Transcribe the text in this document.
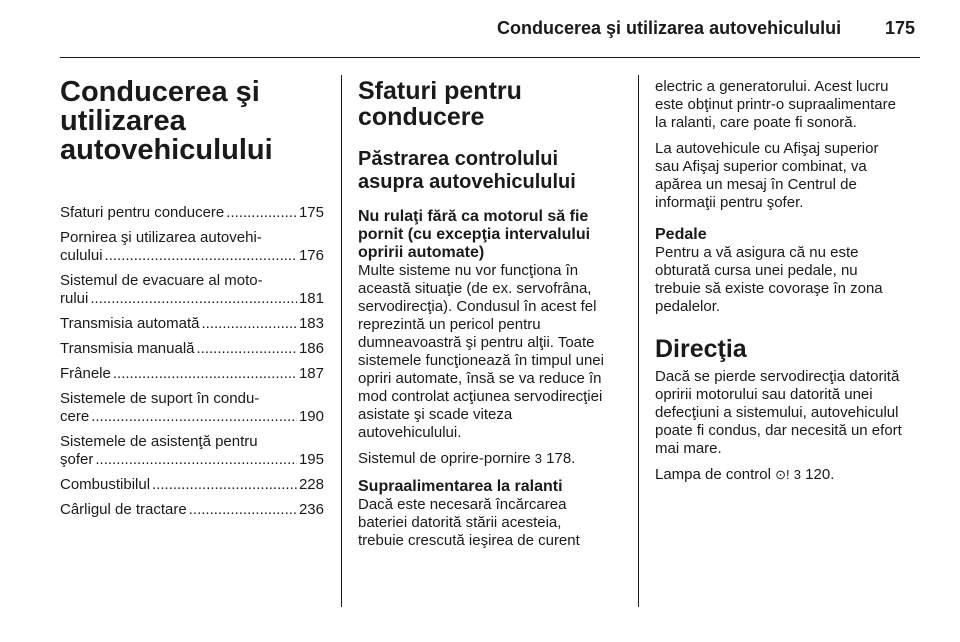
Conducerea şi utilizarea autovehiculului 175
Conducerea şi
utilizarea
autovehiculului
Sfaturi pentru conducere .....	175
Pornirea şi utilizarea autovehi-
culului .....	176
Sistemul de evacuare al moto-
rului .....	181
Transmisia automată .....	183
Transmisia manuală .....	186
Frânele .....	187
Sistemele de suport în condu-
cere .....	190
Sistemele de asistenţă pentru
şofer .....	195
Combustibilul .....	228
Cârligul de tractare .....	236
Sfaturi pentru
conducere
Păstrarea controlului
asupra autovehiculului
Nu rulaţi fără ca motorul să fie
pornit (cu excepţia intervalului
opririi automate)

Multe sisteme nu vor funcţiona în
această situaţie (de ex. servofrâna,
servodirecţia). Condusul în acest fel
reprezintă un pericol pentru
dumneavoastră şi pentru alţii. Toate
sistemele funcţionează în timpul unei
opriri automate, însă se va reduce în
mod controlat acţiunea servodirecţiei
asistate şi scade viteza
autovehiculului.

Sistemul de oprire-pornire 3 178.

Supraalimentarea la ralanti

Dacă este necesară încărcarea
bateriei datorită stării acesteia,
trebuie crescută ieşirea de curent

electric a generatorului. Acest lucru
este obţinut printr-o supraalimentare
la ralanti, care poate fi sonoră.

La autovehicule cu Afişaj superior
sau Afişaj superior combinat, va
apărea un mesaj în Centrul de
informaţii pentru şofer.

Pedale

Pentru a vă asigura că nu este
obturată cursa unei pedale, nu
trebuie să existe covoraşe în zona
pedalelor.

Direcţia

Dacă se pierde servodirecţia datorită
opririi motorului sau datorită unei
defecţiuni a sistemului, autovehiculul
poate fi condus, dar necesită un efort
mai mare.

Lampa de control ⊙! 3 120.
